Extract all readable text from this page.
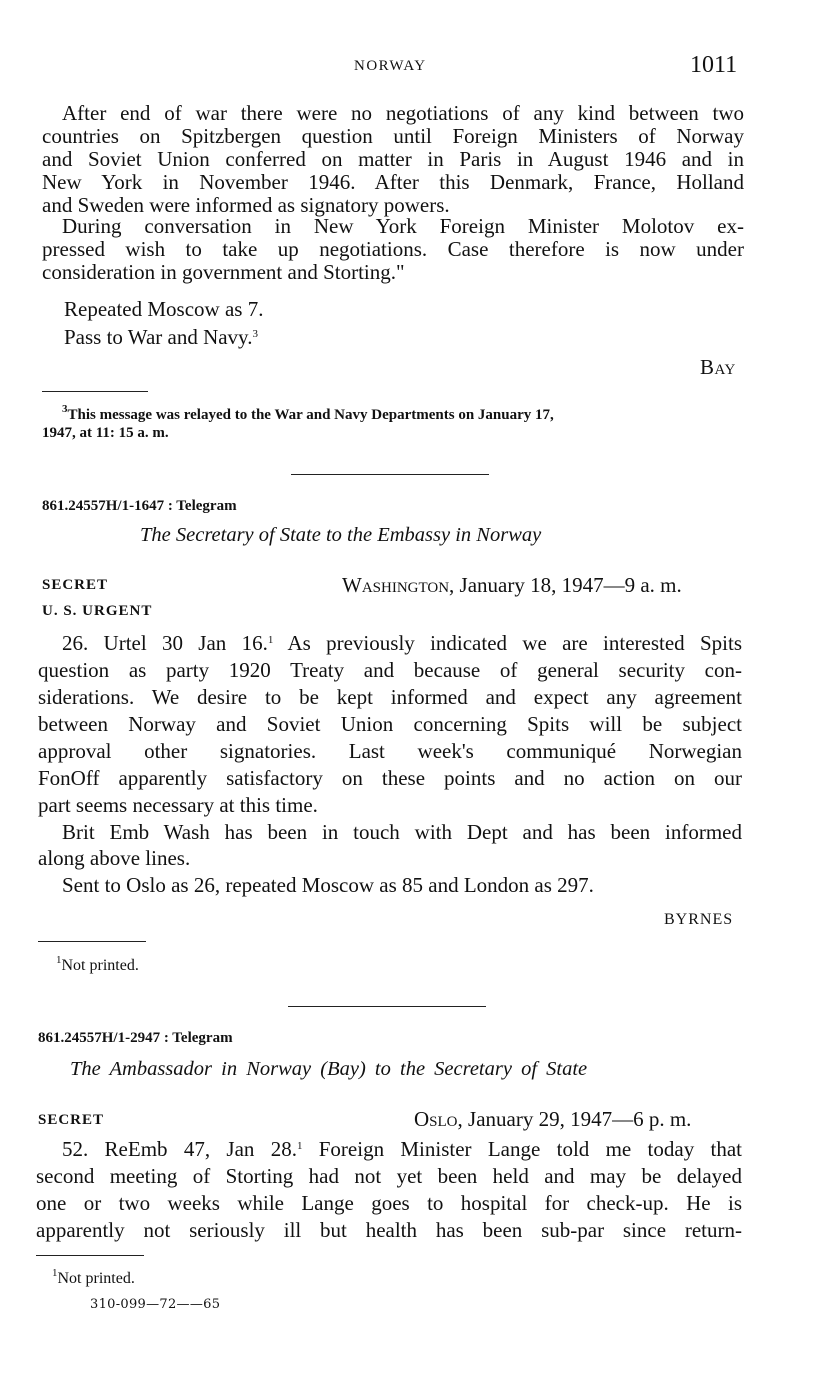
NORWAY	1011
After end of war there were no negotiations of any kind between two
countries on Spitzbergen question until Foreign Ministers of Norway
and Soviet Union conferred on matter in Paris in August 1946 and in
New York in November 1946. After this Denmark, France, Holland
and Sweden were informed as signatory powers.
During conversation in New York Foreign Minister Molotov ex-
pressed wish to take up negotiations. Case therefore is now under
consideration in government and Storting."
Repeated Moscow as 7.
Pass to War and Navy.$^3$
Bay
$^3$This message was relayed to the War and Navy Departments on January 17,
1947, at 11: 15 a. m.
861.24557H/1-1647 : Telegram
The Secretary of State to the Embassy in Norway
SECRET	Washington, January 18, 1947—9 a. m.
U. S. URGENT
26. Urtel 30 Jan 16.$^1$ As previously indicated we are interested Spits
question as party 1920 Treaty and because of general security con-
siderations. We desire to be kept informed and expect any agreement
between Norway and Soviet Union concerning Spits will be subject
approval other signatories. Last week's communiqué Norwegian
FonOff apparently satisfactory on these points and no action on our
part seems necessary at this time.
Brit Emb Wash has been in touch with Dept and has been informed
along above lines.
Sent to Oslo as 26, repeated Moscow as 85 and London as 297.
BYRNES
$^1$Not printed.
861.24557H/1-2947 : Telegram
The Ambassador in Norway (Bay) to the Secretary of State
SECRET	Oslo, January 29, 1947—6 p. m.
52. ReEmb 47, Jan 28.$^1$ Foreign Minister Lange told me today that
second meeting of Storting had not yet been held and may be delayed
one or two weeks while Lange goes to hospital for check-up. He is
apparently not seriously ill but health has been sub-par since return-
$^1$Not printed.
310-099—72——65
